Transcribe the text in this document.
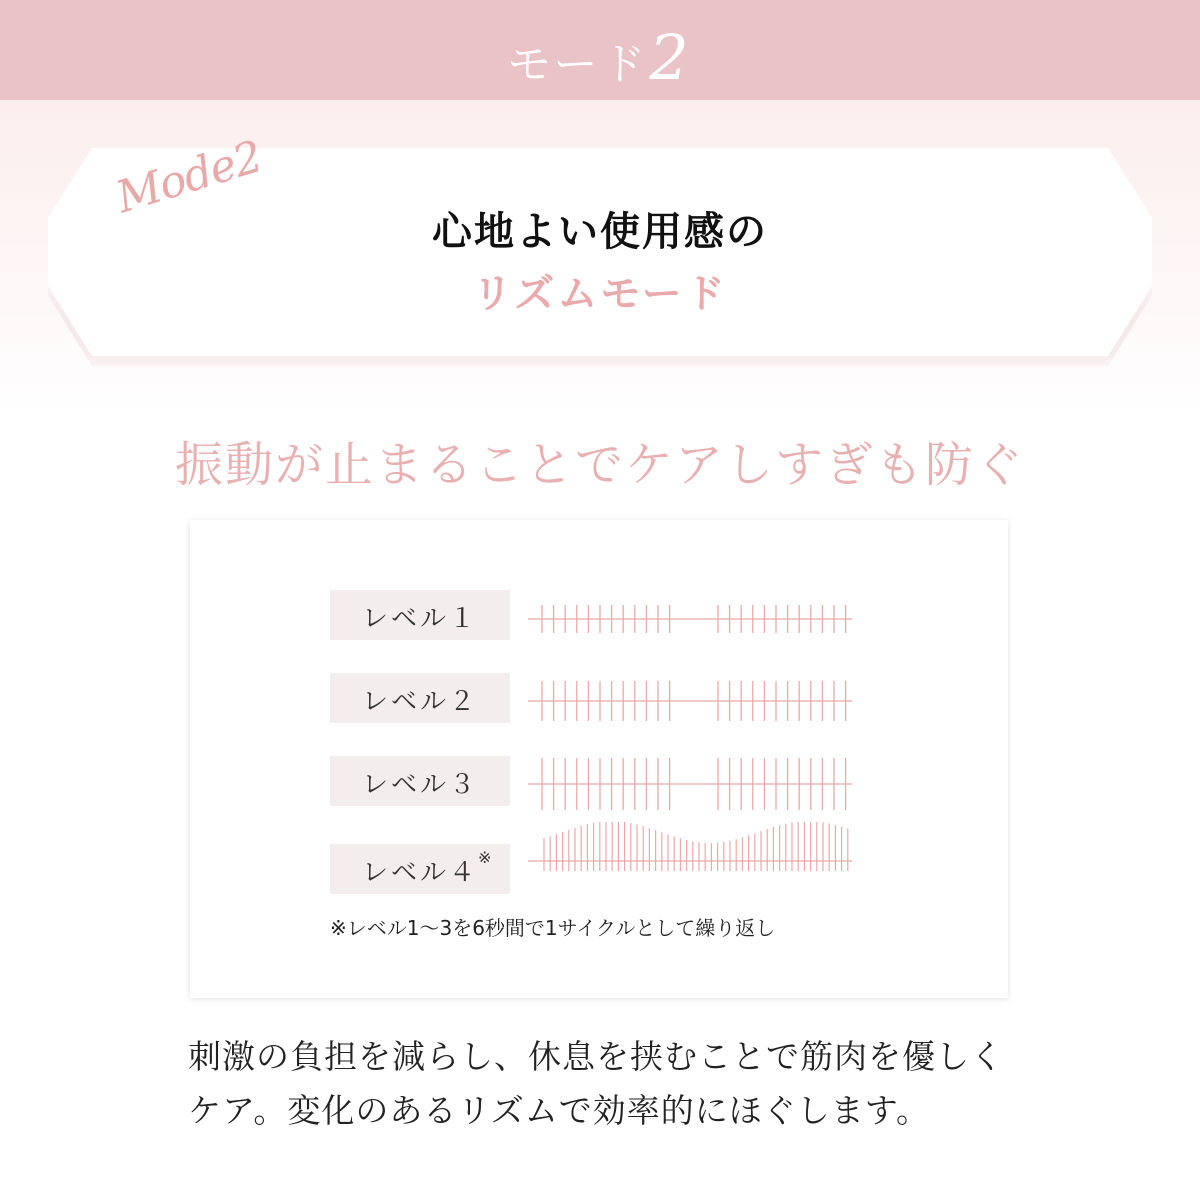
モード2
Mode2
心地よい使用感の
リズムモード
振動が止まることでケアしすぎも防ぐ
レベル１
レベル２
レベル３
レベル４※
※レベル1～3を6秒間で1サイクルとして繰り返し
刺激の負担を減らし、休息を挟むことで筋肉を優しく
ケア。変化のあるリズムで効率的にほぐします。
